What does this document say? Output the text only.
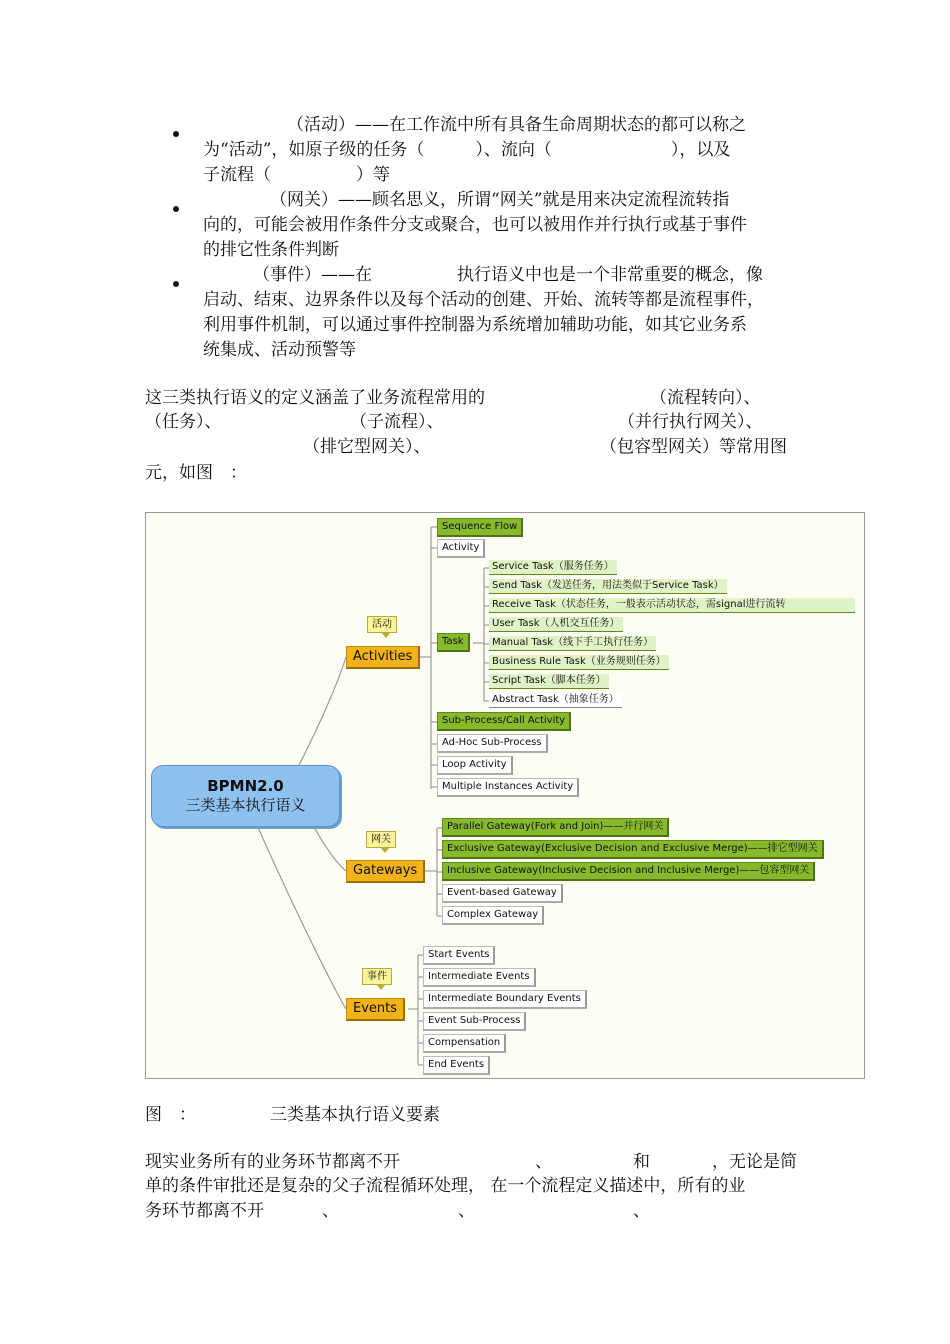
（活动）——在工作流中所有具备生命周期状态的都可以称之
为“活动”，如原子级的任务（　　　）、流向（　　　　　　　），以及
子流程（　　　　　）等
（网关）——顾名思义，所谓“网关”就是用来决定流程流转指
向的，可能会被用作条件分支或聚合，也可以被用作并行执行或基于事件
的排它性条件判断
（事件）——在　　　　　执行语义中也是一个非常重要的概念，像
启动、结束、边界条件以及每个活动的创建、开始、流转等都是流程事件，
利用事件机制，可以通过事件控制器为系统增加辅助功能，如其它业务系
统集成、活动预警等
这三类执行语义的定义涵盖了业务流程常用的	（流程转向）、
（任务）、	（子流程）、	（并行执行网关）、
（排它型网关）、	（包容型网关）等常用图
元，如图　：
BPMN2.0
三类基本执行语义
活动
Activities
Sequence Flow
Activity
Task
Service Task（服务任务）
Send Task（发送任务，用法类似于Service Task）
Receive Task（状态任务，一般表示活动状态，需signal进行流转
User Task（人机交互任务）
Manual Task（线下手工执行任务）
Business Rule Task（业务规则任务）
Script Task（脚本任务）
Abstract Task（抽象任务）
Sub-Process/Call Activity
Ad-Hoc Sub-Process
Loop Activity
Multiple Instances Activity
网关
Gateways
Parallel Gateway(Fork and Join)——并行网关
Exclusive Gateway(Exclusive Decision and Exclusive Merge)——排它型网关
Inclusive Gateway(Inclusive Decision and Inclusive Merge)——包容型网关
Event-based Gateway
Complex Gateway
事件
Events
Start Events
Intermediate Events
Intermediate Boundary Events
Event Sub-Process
Compensation
End Events
图　：	三类基本执行语义要素
现实业务所有的业务环节都离不开	、	和	，无论是简
单的条件审批还是复杂的父子流程循环处理， 在一个流程定义描述中，所有的业
务环节都离不开	、	、	、
